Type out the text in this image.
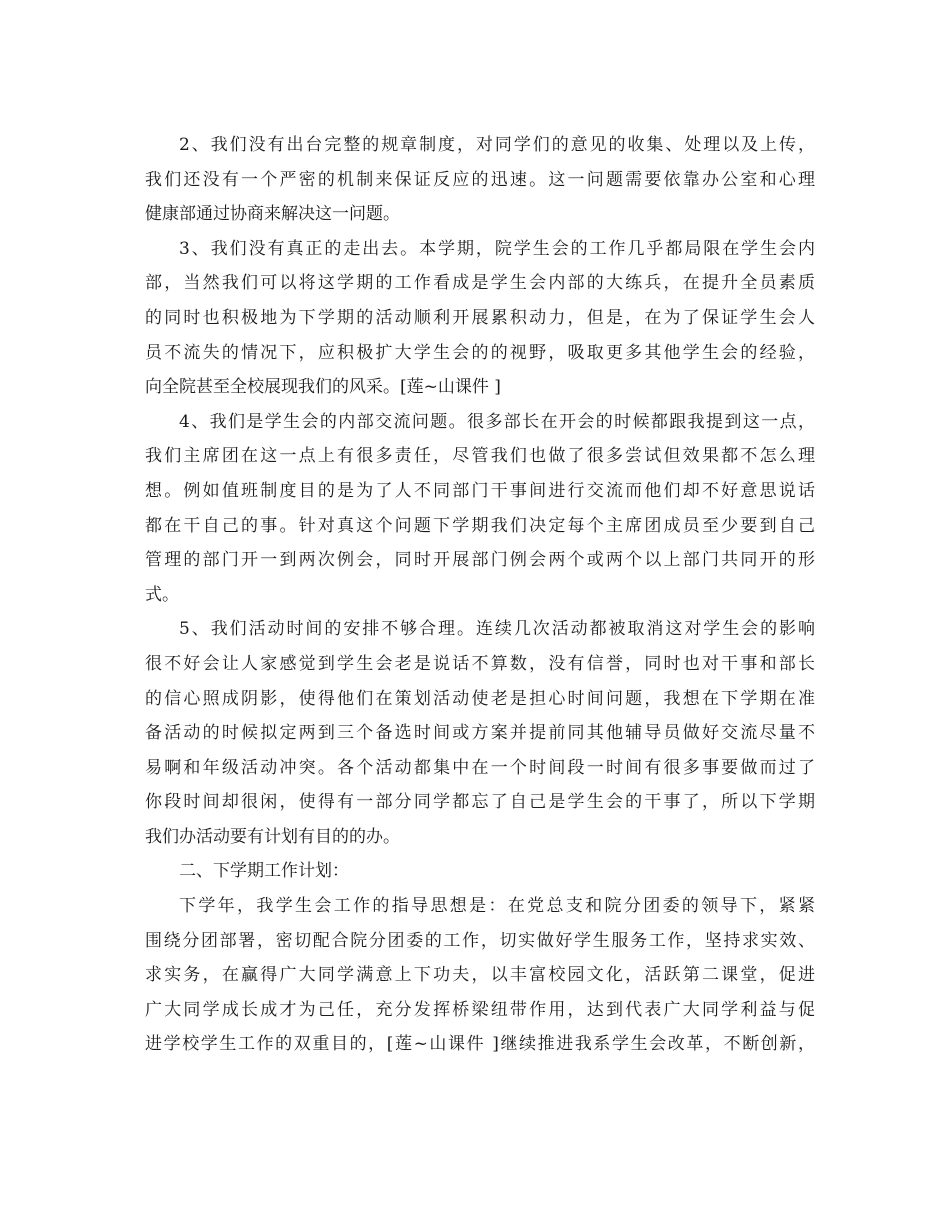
2、我们没有出台完整的规章制度，对同学们的意见的收集、处理以及上传，
我们还没有一个严密的机制来保证反应的迅速。这一问题需要依靠办公室和心理
健康部通过协商来解决这一问题。
3、我们没有真正的走出去。本学期，院学生会的工作几乎都局限在学生会内
部，当然我们可以将这学期的工作看成是学生会内部的大练兵，在提升全员素质
的同时也积极地为下学期的活动顺利开展累积动力，但是，在为了保证学生会人
员不流失的情况下，应积极扩大学生会的的视野，吸取更多其他学生会的经验，
向全院甚至全校展现我们的风采。[莲~山课件 ]
4、我们是学生会的内部交流问题。很多部长在开会的时候都跟我提到这一点，
我们主席团在这一点上有很多责任，尽管我们也做了很多尝试但效果都不怎么理
想。例如值班制度目的是为了人不同部门干事间进行交流而他们却不好意思说话
都在干自己的事。针对真这个问题下学期我们决定每个主席团成员至少要到自己
管理的部门开一到两次例会，同时开展部门例会两个或两个以上部门共同开的形
式。
5、我们活动时间的安排不够合理。连续几次活动都被取消这对学生会的影响
很不好会让人家感觉到学生会老是说话不算数，没有信誉，同时也对干事和部长
的信心照成阴影，使得他们在策划活动使老是担心时间问题，我想在下学期在准
备活动的时候拟定两到三个备选时间或方案并提前同其他辅导员做好交流尽量不
易啊和年级活动冲突。各个活动都集中在一个时间段一时间有很多事要做而过了
你段时间却很闲，使得有一部分同学都忘了自己是学生会的干事了，所以下学期
我们办活动要有计划有目的的办。
二、下学期工作计划：
下学年，我学生会工作的指导思想是：在党总支和院分团委的领导下，紧紧
围绕分团部署，密切配合院分团委的工作，切实做好学生服务工作，坚持求实效、
求实务，在赢得广大同学满意上下功夫，以丰富校园文化，活跃第二课堂，促进
广大同学成长成才为己任，充分发挥桥梁纽带作用，达到代表广大同学利益与促
进学校学生工作的双重目的，[莲~山课件 ]继续推进我系学生会改革，不断创新，
